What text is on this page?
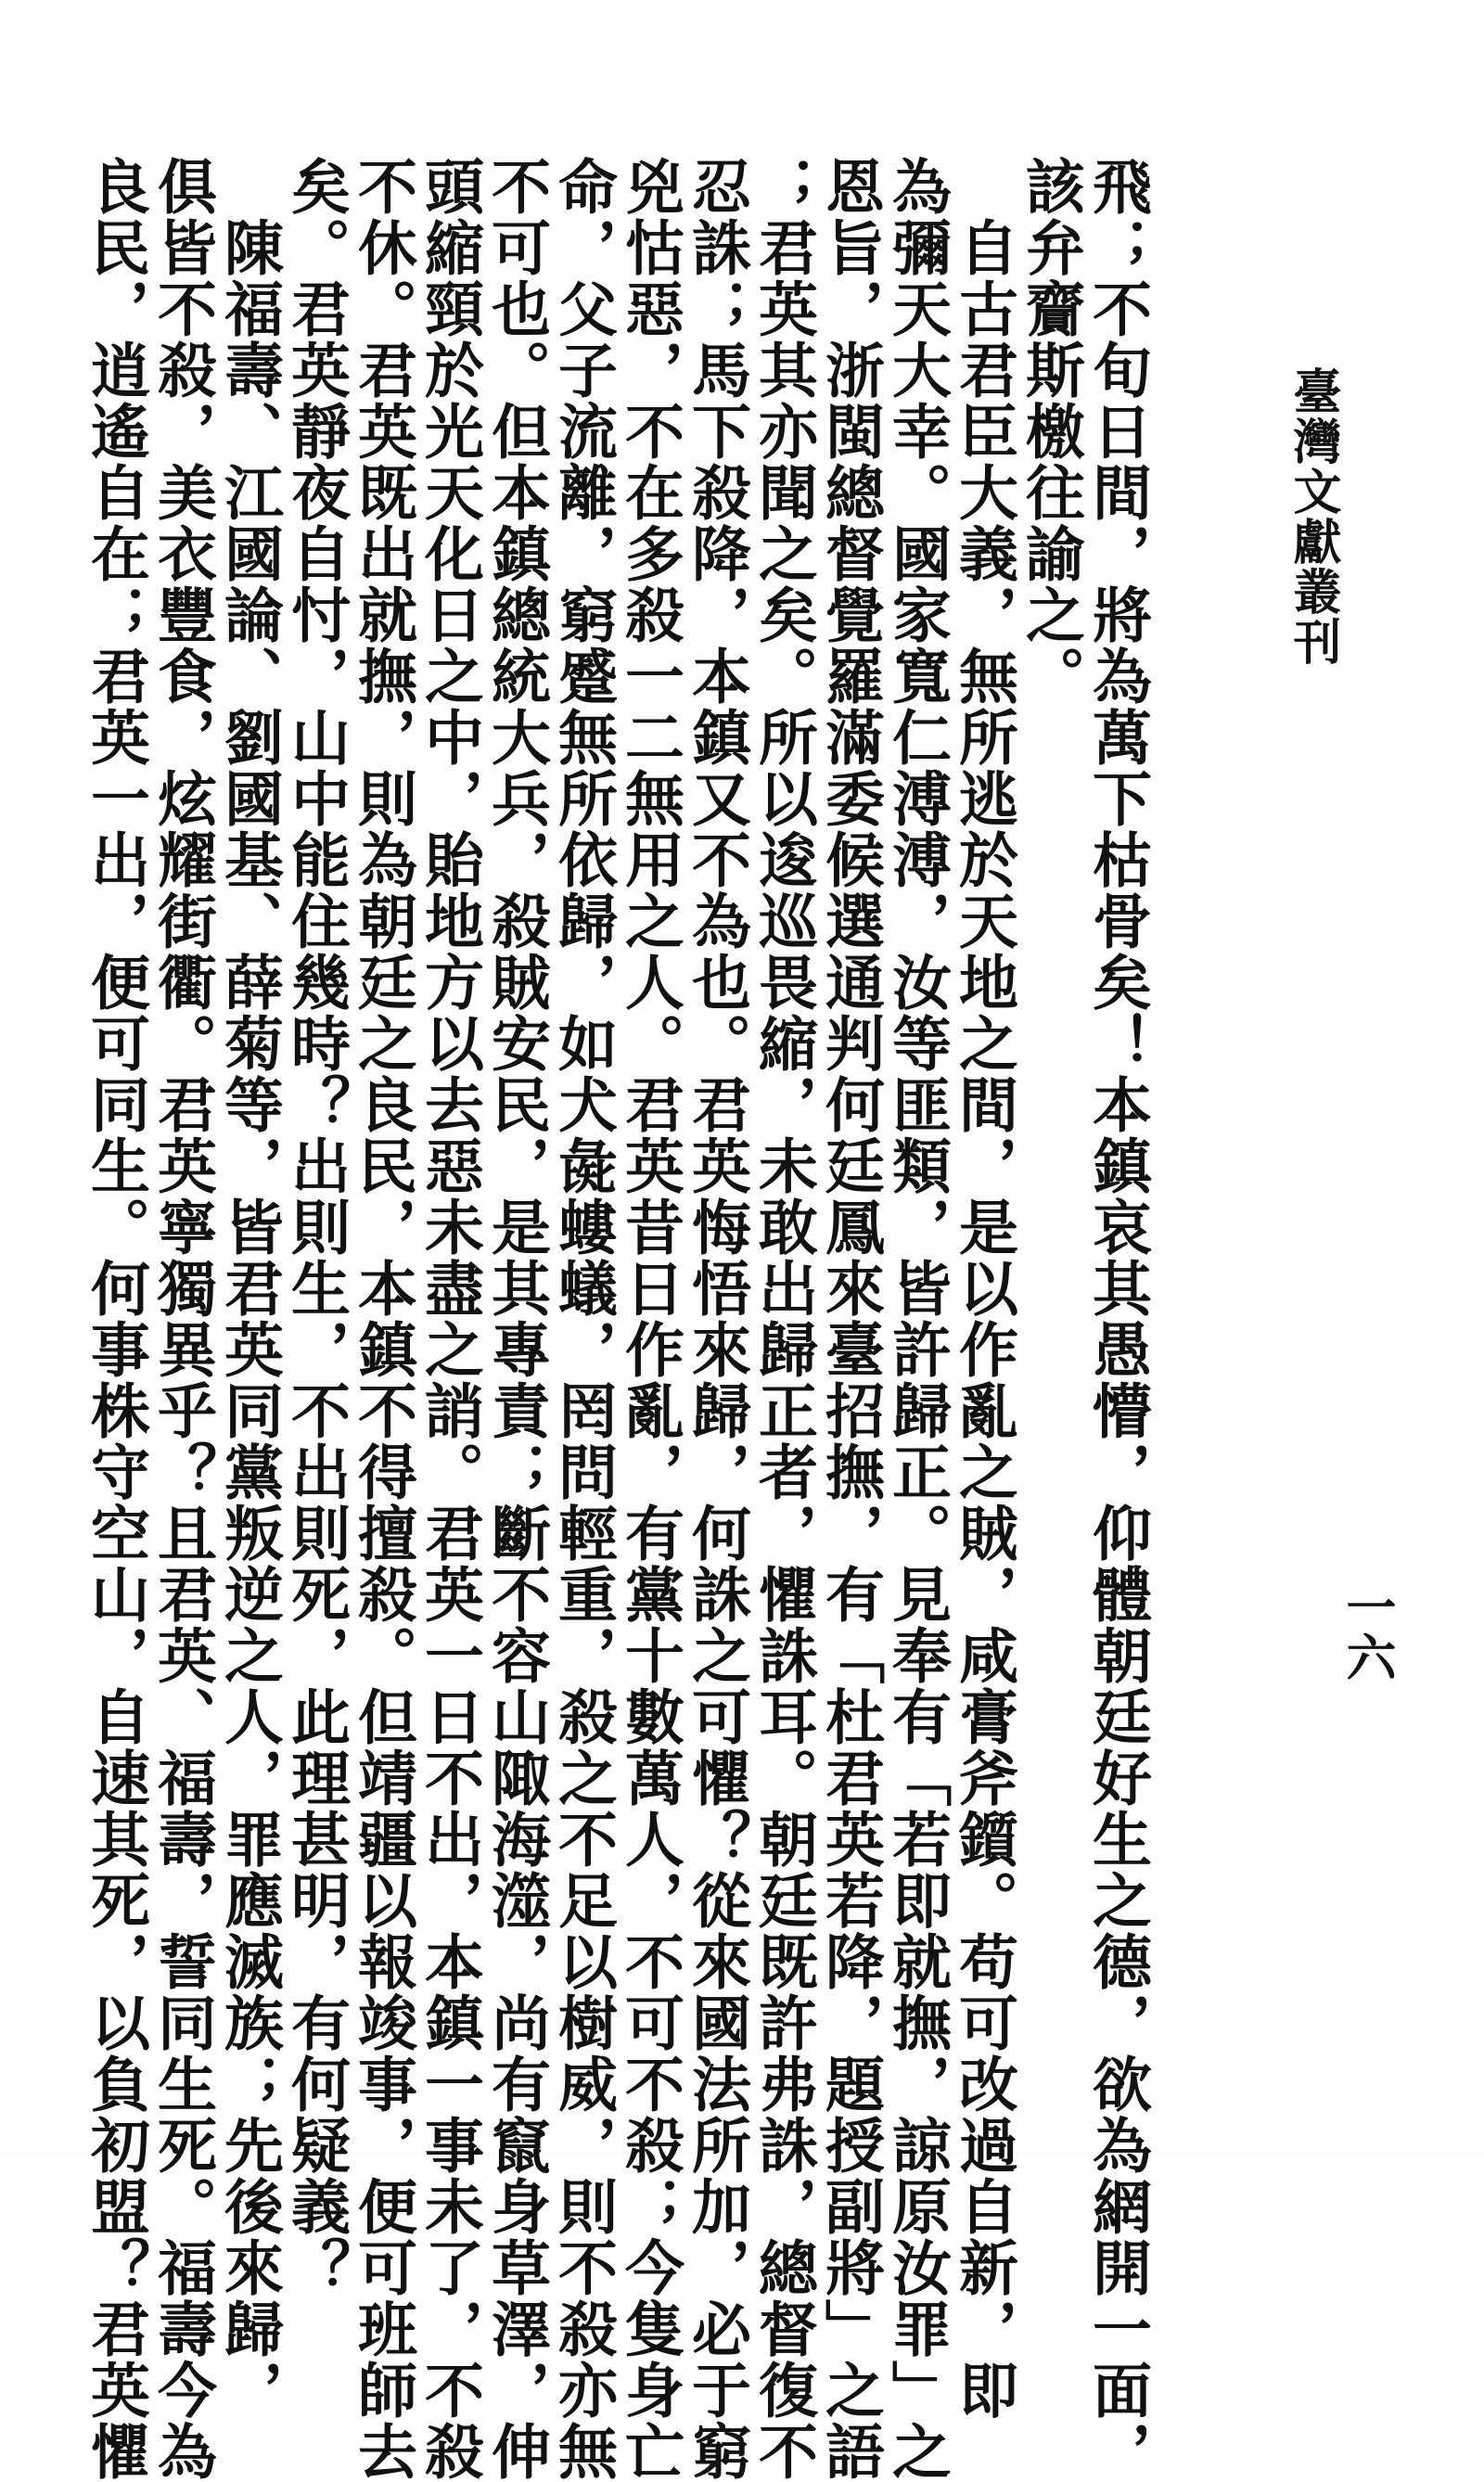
臺灣文獻叢刊
一六
飛；不旬日間，將為萬下枯骨矣！本鎮哀其愚懵，仰體朝廷好生之德，欲為網開一面，
該弁齎斯檄往諭之。
　自古君臣大義，無所逃於天地之間，是以作亂之賊，咸膏斧鑕。苟可改過自新，即
為彌天大幸。國家寬仁溥溥，汝等匪類，皆許歸正。見奉有「若即就撫，諒原汝罪」之
恩旨，浙閩總督覺羅滿委候選通判何廷鳳來臺招撫，有「杜君英若降，題授副將」之語
；君英其亦聞之矣。所以逡巡畏縮，未敢出歸正者，懼誅耳。朝廷既許弗誅，總督復不
忍誅；馬下殺降，本鎮又不為也。君英悔悟來歸，何誅之可懼？從來國法所加，必于窮
兇怙惡，不在多殺一二無用之人。君英昔日作亂，有黨十數萬人，不可不殺；今隻身亡
命，父子流離，窮蹙無所依歸，如犬彘螻蟻，罔問輕重，殺之不足以樹威，則不殺亦無
不可也。但本鎮總統大兵，殺賊安民，是其專責；斷不容山陬海澨，尚有竄身草澤，伸
頭縮頸於光天化日之中，貽地方以去惡未盡之誚。君英一日不出，本鎮一事未了，不殺
不休。君英既出就撫，則為朝廷之良民，本鎮不得擅殺。但靖疆以報竣事，便可班師去
矣。君英靜夜自忖，山中能住幾時？出則生，不出則死，此理甚明，有何疑義？
　陳福壽、江國論、劉國基、薛菊等，皆君英同黨叛逆之人，罪應滅族；先後來歸，
俱皆不殺，美衣豐食，炫耀街衢。君英寧獨異乎？且君英、福壽，誓同生死。福壽今為
良民，逍遙自在；君英一出，便可同生。何事株守空山，自速其死，以負初盟？君英懼
